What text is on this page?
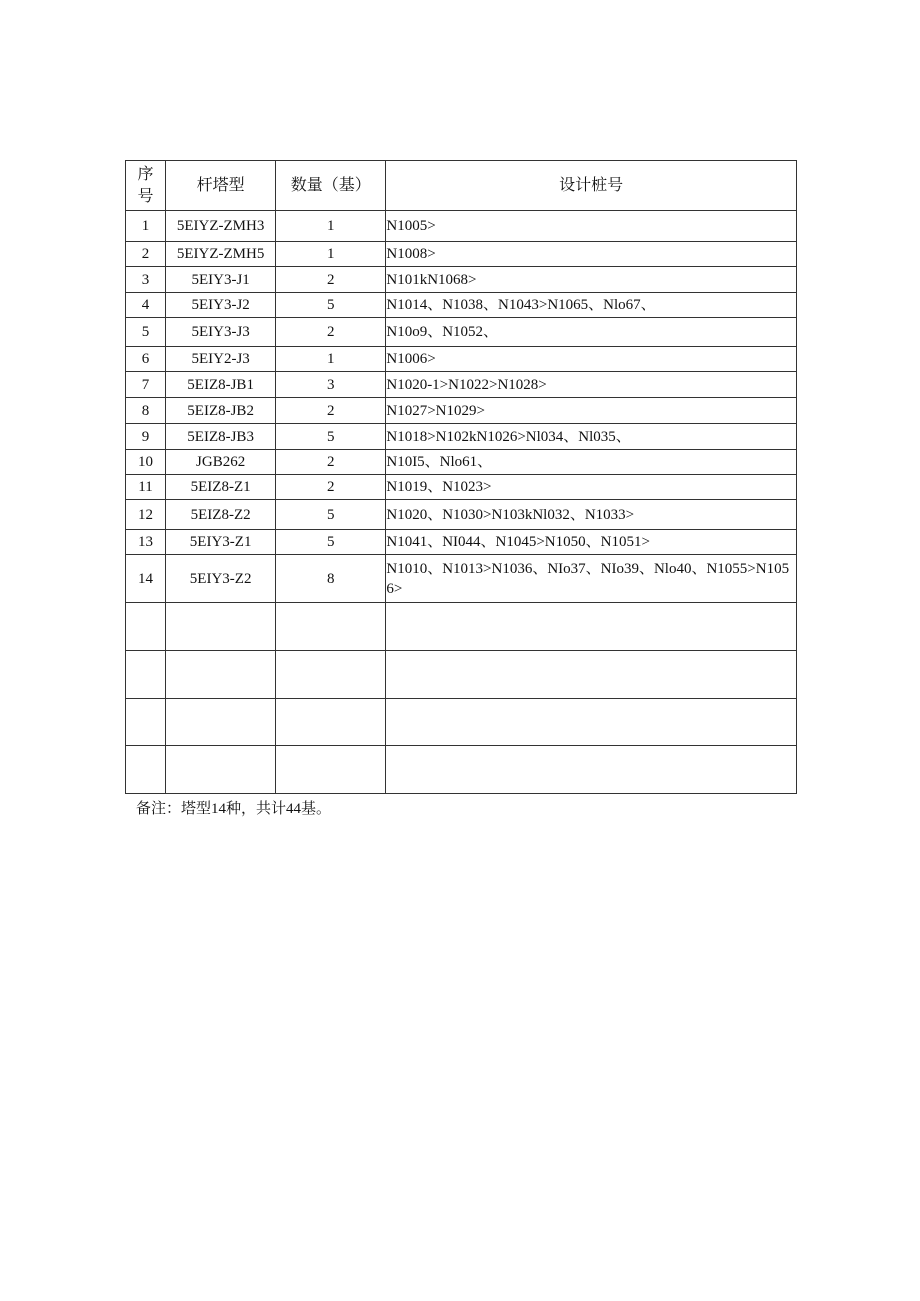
序
号	杆塔型	数量（基）	设计桩号
1	5EIYZ-ZMH3	1	N1005>
2	5EIYZ-ZMH5	1	N1008>
3	5EIY3-J1	2	N101kN1068>
4	5EIY3-J2	5	N1014、N1038、N1043>N1065、Nlo67、
5	5EIY3-J3	2	N10o9、N1052、
6	5EIY2-J3	1	N1006>
7	5EIZ8-JB1	3	N1020-1>N1022>N1028>
8	5EIZ8-JB2	2	N1027>N1029>
9	5EIZ8-JB3	5	N1018>N102kN1026>Nl034、Nl035、
10	JGB262	2	N10I5、Nlo61、
11	5EIZ8-Z1	2	N1019、N1023>
12	5EIZ8-Z2	5	N1020、N1030>N103kNl032、N1033>
13	5EIY3-Z1	5	N1041、NI044、N1045>N1050、N1051>
14	5EIY3-Z2	8	N1010、N1013>N1036、NIo37、NIo39、Nlo40、N1055>N1056>

备注：塔型14种，共计44基。
